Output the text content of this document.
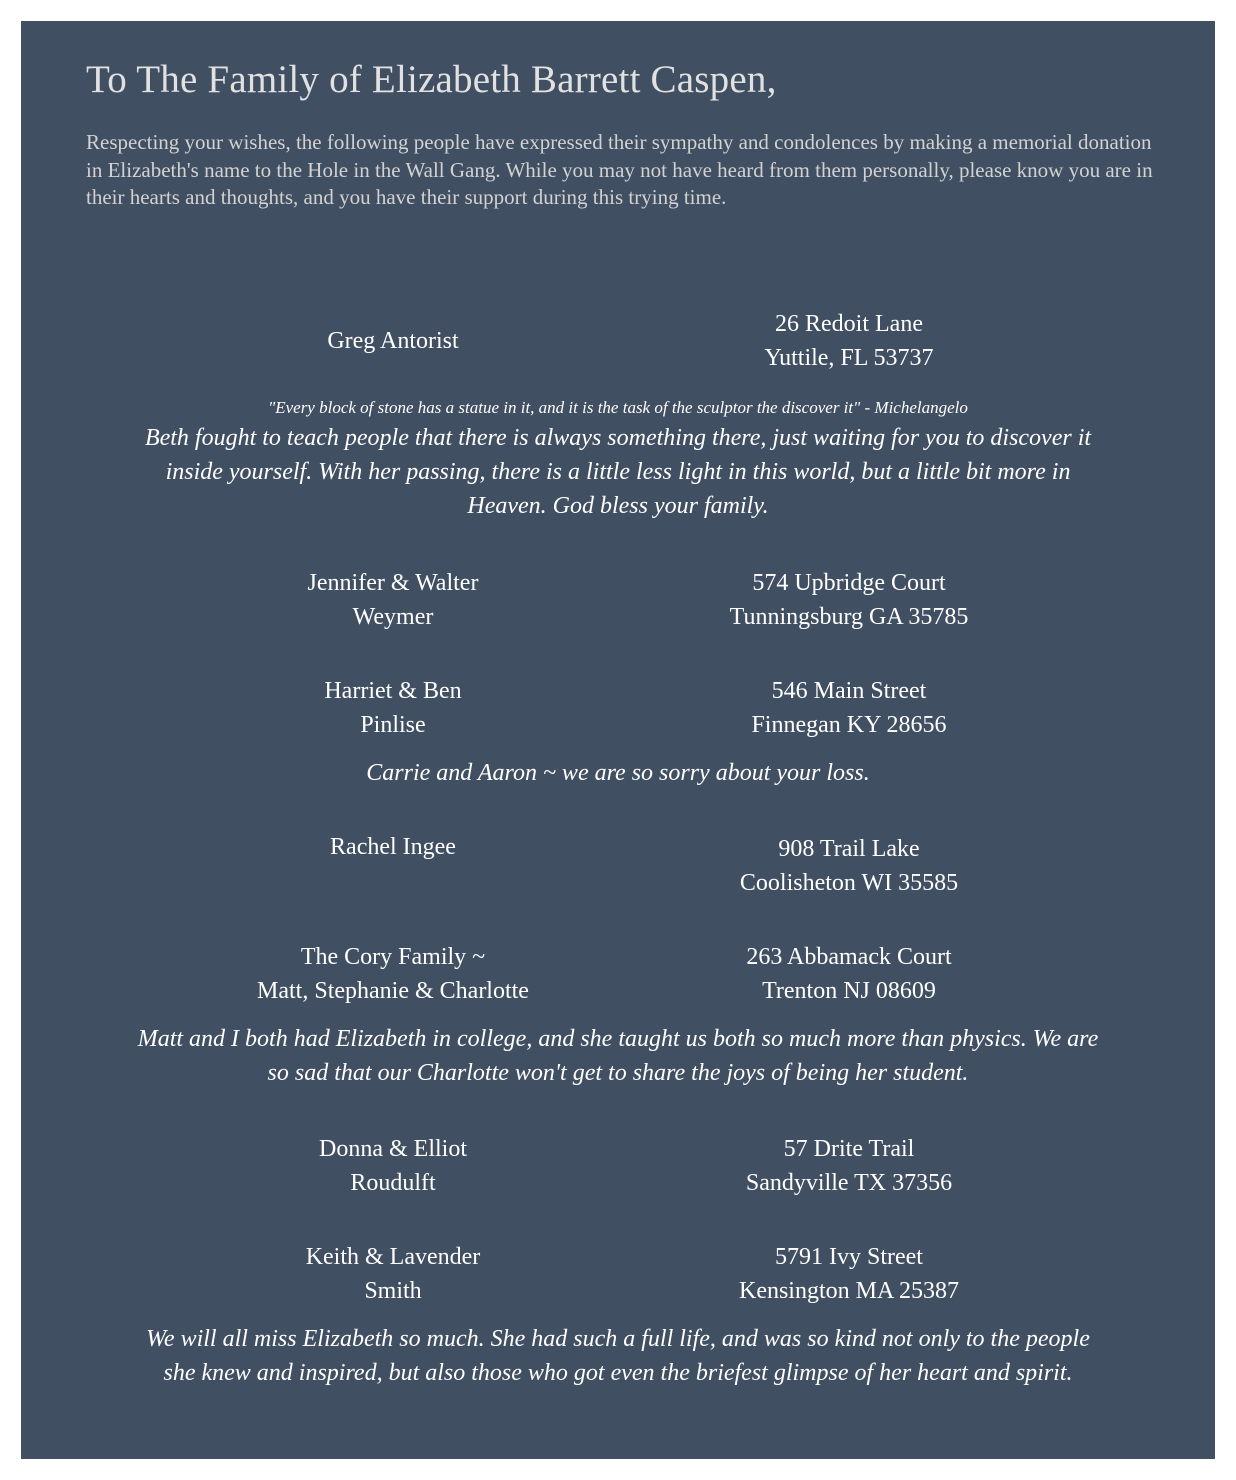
To The Family of Elizabeth Barrett Caspen,

Respecting your wishes, the following people have expressed their sympathy and condolences by making a memorial donation in Elizabeth's name to the Hole in the Wall Gang. While you may not have heard from them personally, please know you are in their hearts and thoughts, and you have their support during this trying time.

Greg Antorist
26 Redoit Lane
Yuttile, FL 53737

"Every block of stone has a statue in it, and it is the task of the sculptor the discover it" - Michelangelo

Beth fought to teach people that there is always something there, just waiting for you to discover it inside yourself. With her passing, there is a little less light in this world, but a little bit more in Heaven. God bless your family.

Jennifer & Walter
Weymer
574 Upbridge Court
Tunningsburg GA 35785
Harriet & Ben
Pinlise
546 Main Street
Finnegan KY 28656

Carrie and Aaron ~ we are so sorry about your loss.

Rachel Ingee	908 Trail Lake
Coolisheton WI 35585
The Cory Family ~
Matt, Stephanie & Charlotte
263 Abbamack Court
Trenton NJ 08609

Matt and I both had Elizabeth in college, and she taught us both so much more than physics. We are so sad that our Charlotte won't get to share the joys of being her student.

Donna & Elliot
Roudulft
57 Drite Trail
Sandyville TX 37356
Keith & Lavender
Smith
5791 Ivy Street
Kensington MA 25387

We will all miss Elizabeth so much. She had such a full life, and was so kind not only to the people she knew and inspired, but also those who got even the briefest glimpse of her heart and spirit.
